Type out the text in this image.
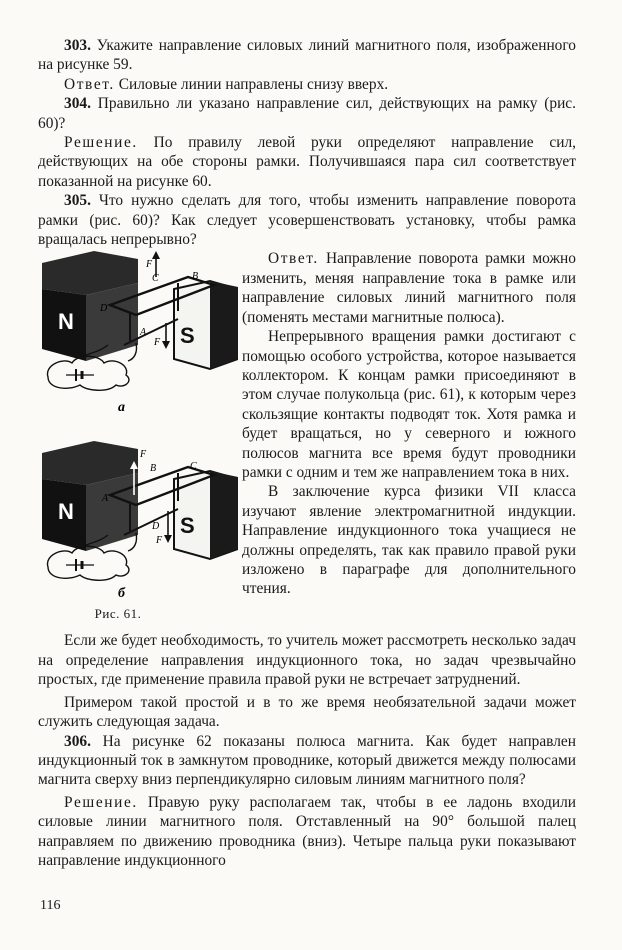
303. Укажите направление силовых линий магнитного поля, изображенного на рисунке 59.

Ответ. Силовые линии направлены снизу вверх.

304. Правильно ли указано направление сил, действующих на рамку (рис. 60)?

Решение. По правилу левой руки определяют направление сил, действующих на обе стороны рамки. Получившаяся пара сил соответствует показанной на рисунке 60.

305. Что нужно сделать для того, чтобы изменить направление поворота рамки (рис. 60)? Как следует усовершенствовать установку, чтобы рамка вращалась непрерывно?

N
S
F
C	B
D
A
F
а
N
S
F
B	C
A
D
F
б
Рис. 61.

Ответ. Направление поворота рамки можно изменить, меняя направление тока в рамке или направление силовых линий магнитного поля (поменять местами магнитные полюса).

Непрерывного вращения рамки достигают с помощью особого устройства, которое называется коллектором. К концам рамки присоединяют в этом случае полукольца (рис. 61), к которым через скользящие контакты подводят ток. Хотя рамка и будет вращаться, но у северного и южного полюсов магнита все время будут проводники рамки с одним и тем же направлением тока в них.

В заключение курса физики VII класса изучают явление электромагнитной индукции. Направление индукционного тока учащиеся не должны определять, так как правило правой руки изложено в параграфе для дополнительного чтения.

Если же будет необходимость, то учитель может рассмотреть несколько задач на определение направления индукционного тока, но задач чрезвычайно простых, где применение правила правой руки не встречает затруднений.

Примером такой простой и в то же время необязательной задачи может служить следующая задача.

306. На рисунке 62 показаны полюса магнита. Как будет направлен индукционный ток в замкнутом проводнике, который движется между полюсами магнита сверху вниз перпендикулярно силовым линиям магнитного поля?

Решение. Правую руку располагаем так, чтобы в ее ладонь входили силовые линии магнитного поля. Отставленный на 90° большой палец направляем по движению проводника (вниз). Четыре пальца руки показывают направление индукционного

116
